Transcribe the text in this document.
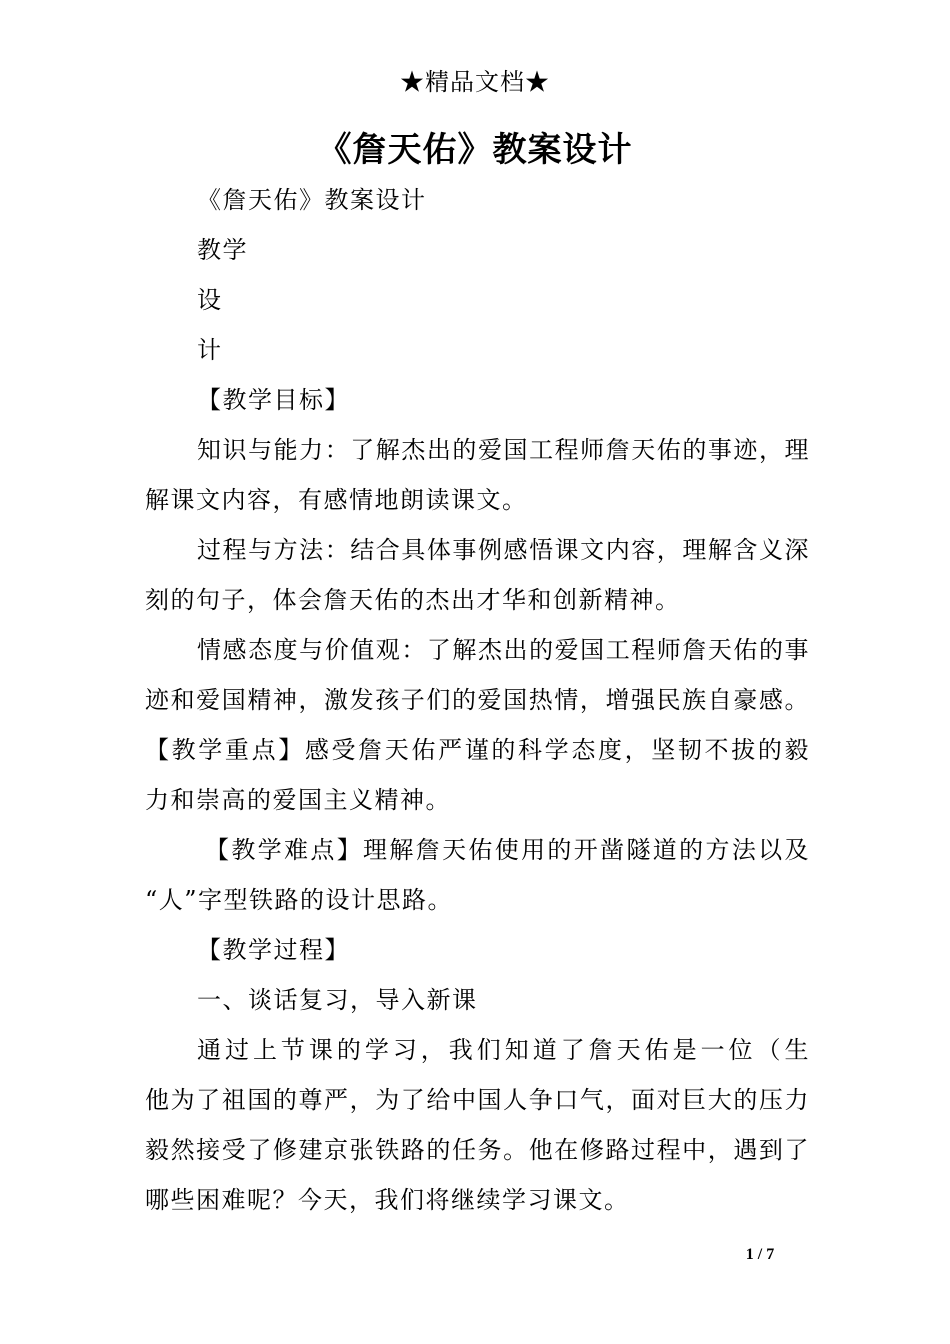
★精品文档★
《詹天佑》教案设计
《詹天佑》教案设计
教学
设
计
【教学目标】
知识与能力：了解杰出的爱国工程师詹天佑的事迹，理
解课文内容，有感情地朗读课文。
过程与方法：结合具体事例感悟课文内容，理解含义深
刻的句子，体会詹天佑的杰出才华和创新精神。
情感态度与价值观：了解杰出的爱国工程师詹天佑的事
迹和爱国精神，激发孩子们的爱国热情，增强民族自豪感。
【教学重点】感受詹天佑严谨的科学态度，坚韧不拔的毅
力和崇高的爱国主义精神。
【教学难点】理解詹天佑使用的开凿隧道的方法以及
“人”字型铁路的设计思路。
【教学过程】
一、谈话复习，导入新课
通过上节课的学习，我们知道了詹天佑是一位（生
他为了祖国的尊严，为了给中国人争口气，面对巨大的压力
毅然接受了修建京张铁路的任务。他在修路过程中，遇到了
哪些困难呢？今天，我们将继续学习课文。
1 / 7
